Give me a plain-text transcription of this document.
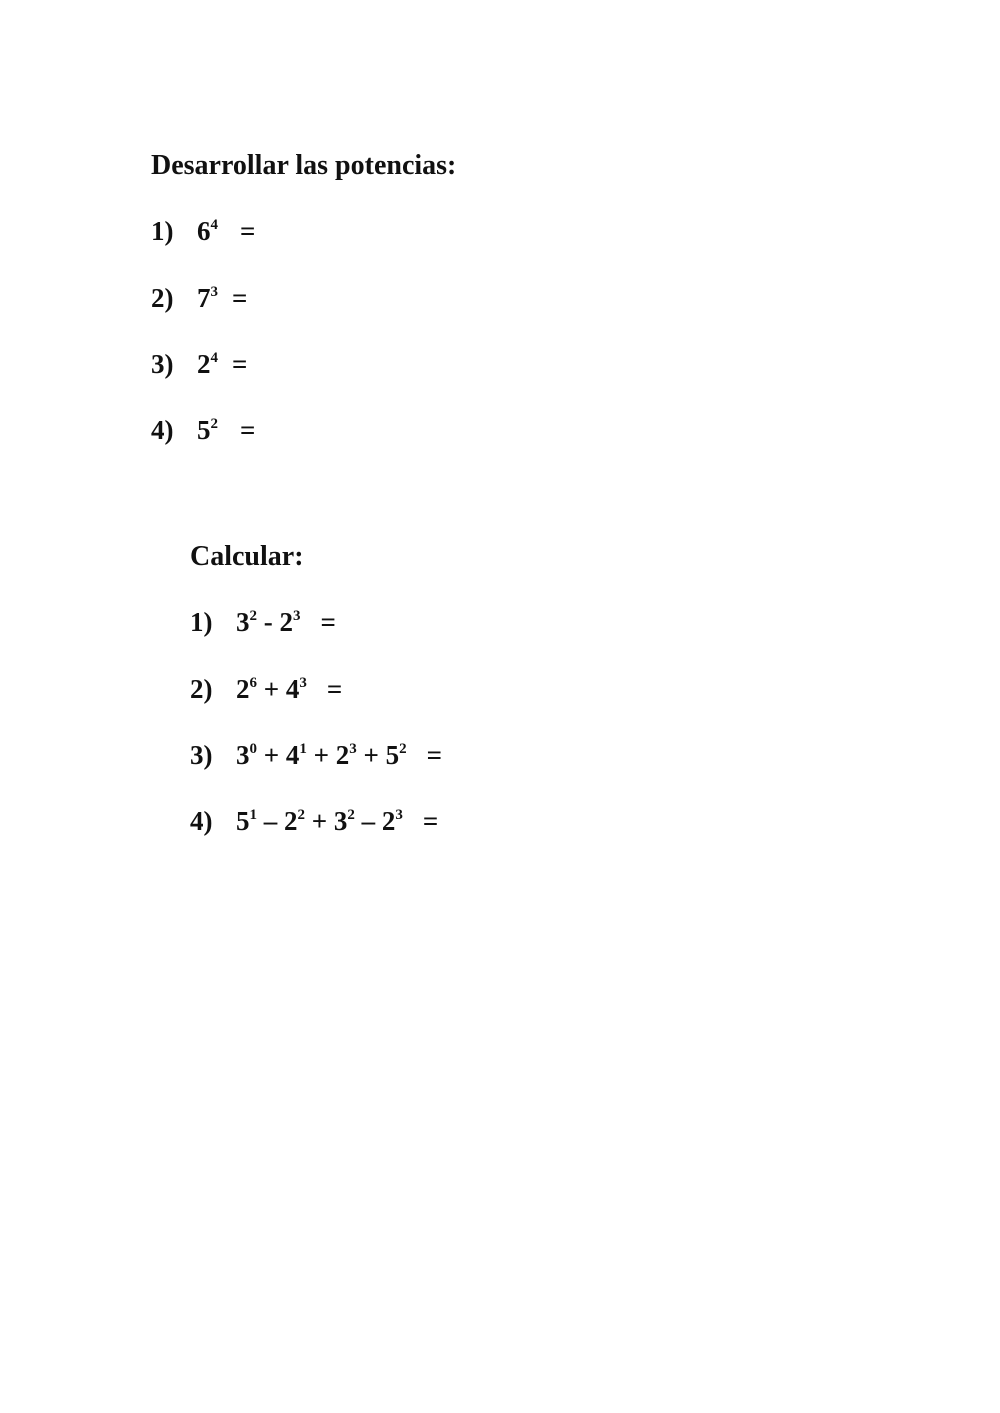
Desarrollar las potencias:
1) $6^4$ =
2) $7^3$ =
3) $2^4$ =
4) $5^2$ =
Calcular:
1) $3^2 - 2^3$ =
2) $2^6 + 4^3$ =
3) $3^0 + 4^1 + 2^3 + 5^2$ =
4) $5^1 - 2^2 + 3^2 - 2^3$ =
